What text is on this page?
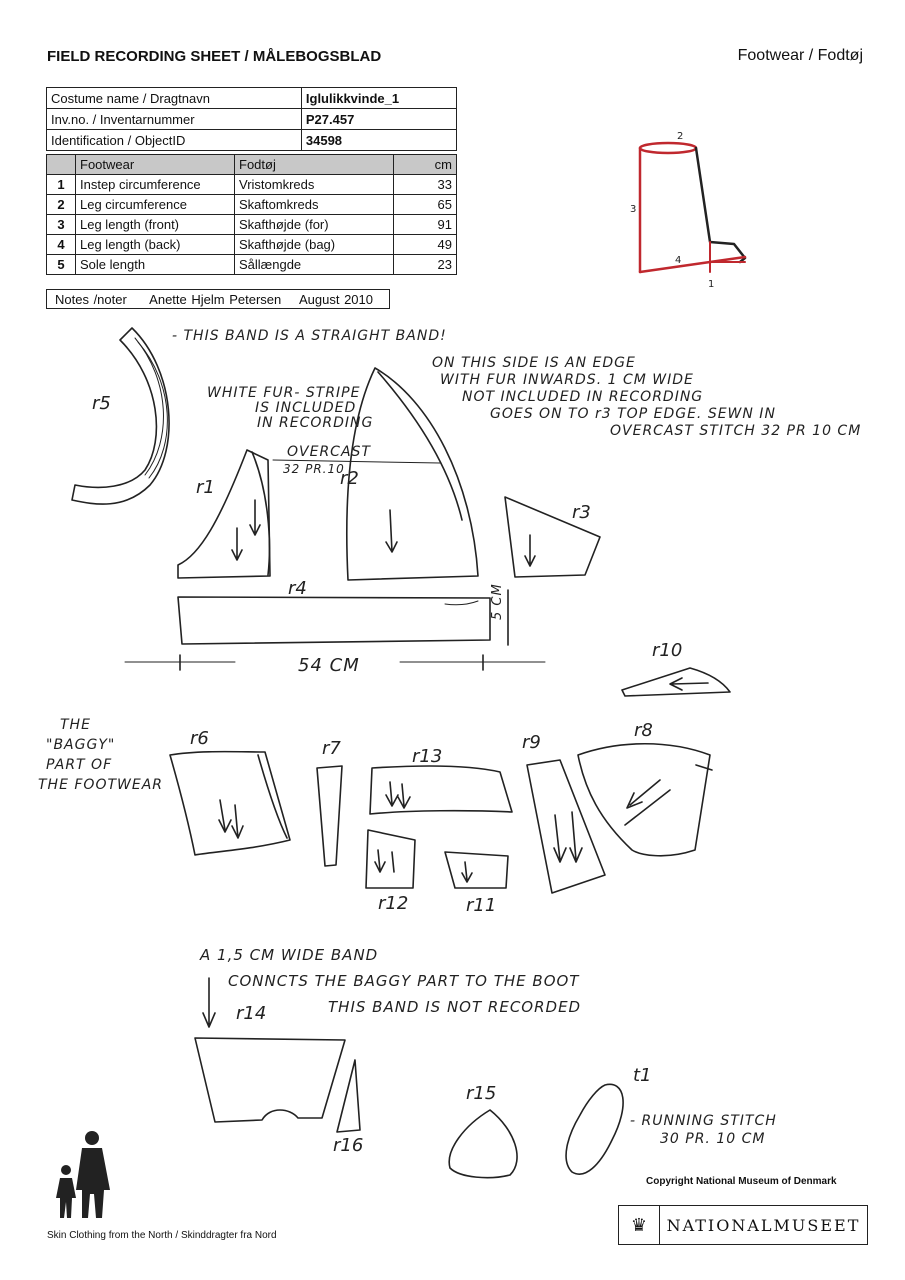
FIELD RECORDING SHEET / MÅLEBOGSBLAD	Footwear / Fodtøj
Costume name / Dragtnavn	Iglulikkvinde_1
Inv.no. / Inventarnummer	P27.457
Identification / ObjectID	34598
	Footwear	Fodtøj	cm
1	Instep circumference	Vristomkreds	33
2	Leg circumference	Skaftomkreds	65
3	Leg length (front)	Skafthøjde (for)	91
4	Leg length (back)	Skafthøjde (bag)	49
5	Sole length	Sållængde	23
Notes /noter Anette Hjelm Petersen August 2010
2
3
4
1
- THIS BAND IS A STRAIGHT BAND!
WHITE FUR- STRIPE
IS INCLUDED
IN RECORDING
OVERCAST
32 PR.10
ON THIS SIDE IS AN EDGE
WITH FUR INWARDS. 1 CM WIDE
NOT INCLUDED IN RECORDING
GOES ON TO r3 TOP EDGE. SEWN IN
OVERCAST STITCH 32 PR 10 CM
54 CM
5 CM
THE
"BAGGY"
PART OF
THE FOOTWEAR
A 1,5 CM WIDE BAND
CONNCTS THE BAGGY PART TO THE BOOT
THIS BAND IS NOT RECORDED
- RUNNING STITCH
30 PR. 10 CM
r5
r1	r2
r3
r4
r10
r6	r7	r13
r9
r8
r12	r11
r14
r15
r16
t1
Skin Clothing from the North / Skinddragter fra Nord
Copyright National Museum of Denmark
♛	NATIONALMUSEET
